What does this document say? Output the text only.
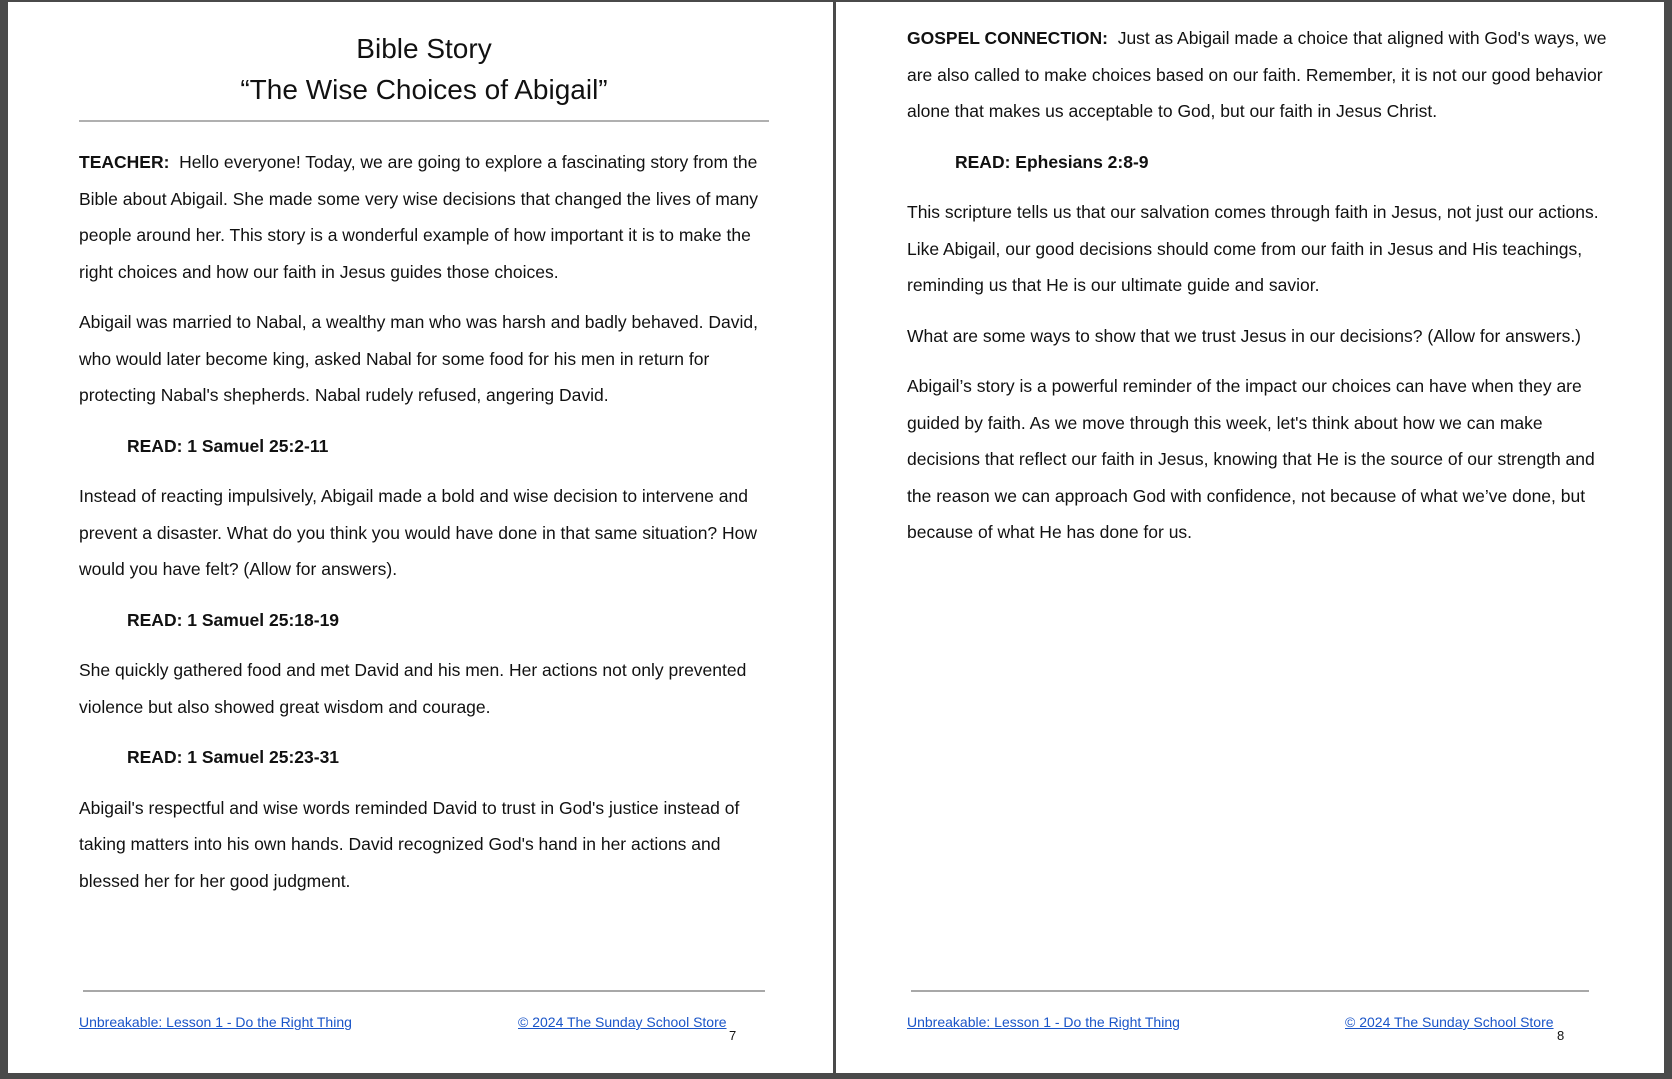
Bible Story
“The Wise Choices of Abigail”

TEACHER: Hello everyone! Today, we are going to explore a fascinating story from the Bible about Abigail. She made some very wise decisions that changed the lives of many people around her. This story is a wonderful example of how important it is to make the right choices and how our faith in Jesus guides those choices.

Abigail was married to Nabal, a wealthy man who was harsh and badly behaved. David, who would later become king, asked Nabal for some food for his men in return for protecting Nabal's shepherds. Nabal rudely refused, angering David.

READ: 1 Samuel 25:2-11

Instead of reacting impulsively, Abigail made a bold and wise decision to intervene and prevent a disaster. What do you think you would have done in that same situation? How would you have felt? (Allow for answers).

READ: 1 Samuel 25:18-19

She quickly gathered food and met David and his men. Her actions not only prevented violence but also showed great wisdom and courage.

READ: 1 Samuel 25:23-31

Abigail's respectful and wise words reminded David to trust in God's justice instead of taking matters into his own hands. David recognized God's hand in her actions and blessed her for her good judgment.

Unbreakable: Lesson 1 - Do the Right Thing	© 2024 The Sunday School Store
7

GOSPEL CONNECTION: Just as Abigail made a choice that aligned with God's ways, we are also called to make choices based on our faith. Remember, it is not our good behavior alone that makes us acceptable to God, but our faith in Jesus Christ.

READ: Ephesians 2:8-9

This scripture tells us that our salvation comes through faith in Jesus, not just our actions. Like Abigail, our good decisions should come from our faith in Jesus and His teachings, reminding us that He is our ultimate guide and savior.

What are some ways to show that we trust Jesus in our decisions? (Allow for answers.)

Abigail’s story is a powerful reminder of the impact our choices can have when they are guided by faith. As we move through this week, let's think about how we can make decisions that reflect our faith in Jesus, knowing that He is the source of our strength and the reason we can approach God with confidence, not because of what we’ve done, but because of what He has done for us.

Unbreakable: Lesson 1 - Do the Right Thing	© 2024 The Sunday School Store
8
